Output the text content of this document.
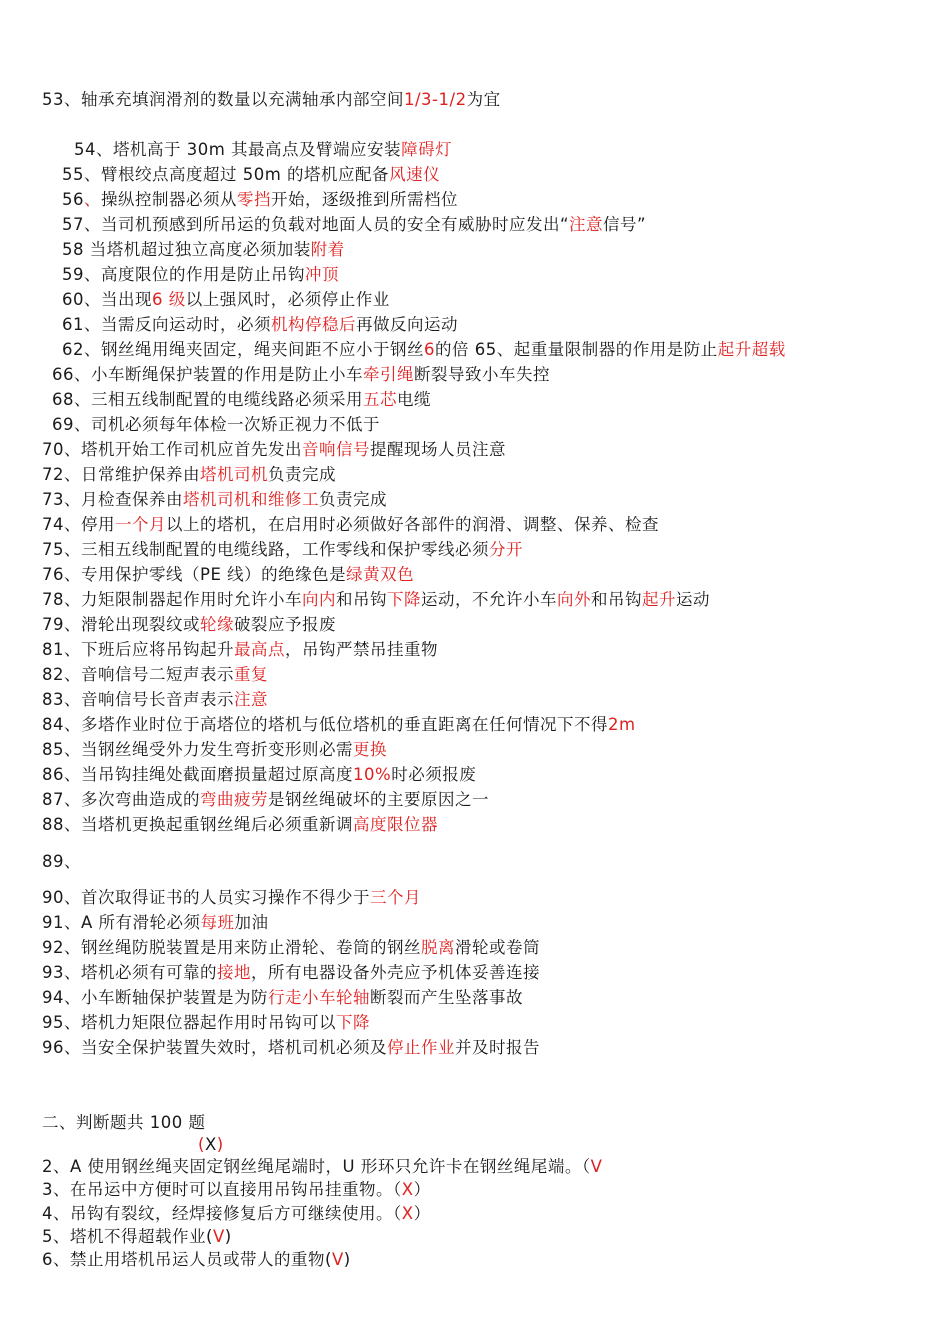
53、轴承充填润滑剂的数量以充满轴承内部空间1/3-1/2为宜
54、塔机高于 30m 其最高点及臂端应安装障碍灯
55、臂根绞点高度超过 50m 的塔机应配备风速仪
56、操纵控制器必须从零挡开始，逐级推到所需档位
57、当司机预感到所吊运的负载对地面人员的安全有威胁时应发出“注意信号”
58 当塔机超过独立高度必须加装附着
59、高度限位的作用是防止吊钩冲顶
60、当出现6 级以上强风时，必须停止作业
61、当需反向运动时，必须机构停稳后再做反向运动
62、钢丝绳用绳夹固定，绳夹间距不应小于钢丝6的倍 65、起重量限制器的作用是防止起升超载
66、小车断绳保护装置的作用是防止小车牵引绳断裂导致小车失控
68、三相五线制配置的电缆线路必须采用五芯电缆
69、司机必须每年体检一次矫正视力不低于
70、塔机开始工作司机应首先发出音响信号提醒现场人员注意
72、日常维护保养由塔机司机负责完成
73、月检查保养由塔机司机和维修工负责完成
74、停用一个月以上的塔机，在启用时必须做好各部件的润滑、调整、保养、检查
75、三相五线制配置的电缆线路，工作零线和保护零线必须分开
76、专用保护零线（PE 线）的绝缘色是绿黄双色
78、力矩限制器起作用时允许小车向内和吊钩下降运动，不允许小车向外和吊钩起升运动
79、滑轮出现裂纹或轮缘破裂应予报废
81、下班后应将吊钩起升最高点，吊钩严禁吊挂重物
82、音响信号二短声表示重复
83、音响信号长音声表示注意
84、多塔作业时位于高塔位的塔机与低位塔机的垂直距离在任何情况下不得2m
85、当钢丝绳受外力发生弯折变形则必需更换
86、当吊钩挂绳处截面磨损量超过原高度10%时必须报废
87、多次弯曲造成的弯曲疲劳是钢丝绳破坏的主要原因之一
88、当塔机更换起重钢丝绳后必须重新调高度限位器
89、
90、首次取得证书的人员实习操作不得少于三个月
91、A 所有滑轮必须每班加油
92、钢丝绳防脱装置是用来防止滑轮、卷筒的钢丝脱离滑轮或卷筒
93、塔机必须有可靠的接地，所有电器设备外壳应予机体妥善连接
94、小车断轴保护装置是为防行走小车轮轴断裂而产生坠落事故
95、塔机力矩限位器起作用时吊钩可以下降
96、当安全保护装置失效时，塔机司机必须及停止作业并及时报告
二、判断题共 100 题
(X)
2、A 使用钢丝绳夹固定钢丝绳尾端时，U 形环只允许卡在钢丝绳尾端。（V
3、在吊运中方便时可以直接用吊钩吊挂重物。（X）
4、吊钩有裂纹，经焊接修复后方可继续使用。（X）
5、塔机不得超载作业(V)
6、禁止用塔机吊运人员或带人的重物(V)
